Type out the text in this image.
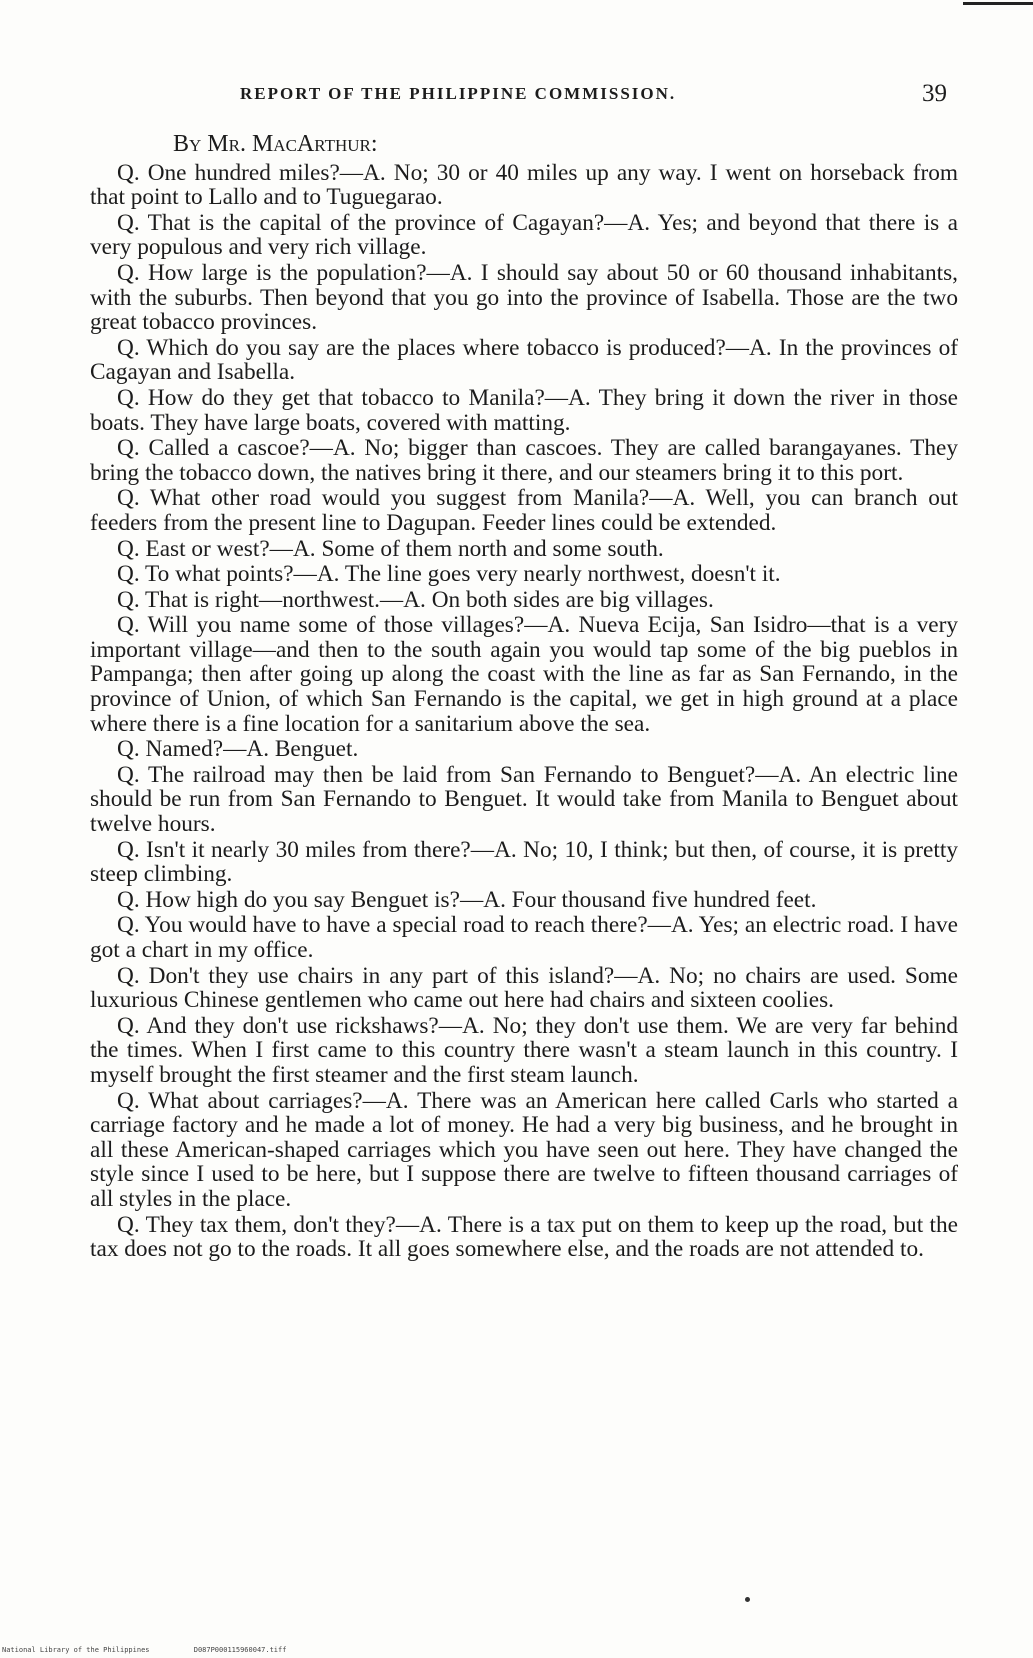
REPORT OF THE PHILIPPINE COMMISSION.	39

By Mr. MacArthur:

Q. One hundred miles?—A. No; 30 or 40 miles up any way. I went on horseback from that point to Lallo and to Tuguegarao.

Q. That is the capital of the province of Cagayan?—A. Yes; and beyond that there is a very populous and very rich village.

Q. How large is the population?—A. I should say about 50 or 60 thousand inhabitants, with the suburbs. Then beyond that you go into the province of Isabella. Those are the two great tobacco provinces.

Q. Which do you say are the places where tobacco is produced?—A. In the provinces of Cagayan and Isabella.

Q. How do they get that tobacco to Manila?—A. They bring it down the river in those boats. They have large boats, covered with matting.

Q. Called a cascoe?—A. No; bigger than cascoes. They are called barangayanes. They bring the tobacco down, the natives bring it there, and our steamers bring it to this port.

Q. What other road would you suggest from Manila?—A. Well, you can branch out feeders from the present line to Dagupan. Feeder lines could be extended.

Q. East or west?—A. Some of them north and some south.

Q. To what points?—A. The line goes very nearly northwest, doesn't it.

Q. That is right—northwest.—A. On both sides are big villages.

Q. Will you name some of those villages?—A. Nueva Ecija, San Isidro—that is a very important village—and then to the south again you would tap some of the big pueblos in Pampanga; then after going up along the coast with the line as far as San Fernando, in the province of Union, of which San Fernando is the capital, we get in high ground at a place where there is a fine location for a sanitarium above the sea.

Q. Named?—A. Benguet.

Q. The railroad may then be laid from San Fernando to Benguet?—A. An electric line should be run from San Fernando to Benguet. It would take from Manila to Benguet about twelve hours.

Q. Isn't it nearly 30 miles from there?—A. No; 10, I think; but then, of course, it is pretty steep climbing.

Q. How high do you say Benguet is?—A. Four thousand five hundred feet.

Q. You would have to have a special road to reach there?—A. Yes; an electric road. I have got a chart in my office.

Q. Don't they use chairs in any part of this island?—A. No; no chairs are used. Some luxurious Chinese gentlemen who came out here had chairs and sixteen coolies.

Q. And they don't use rickshaws?—A. No; they don't use them. We are very far behind the times. When I first came to this country there wasn't a steam launch in this country. I myself brought the first steamer and the first steam launch.

Q. What about carriages?—A. There was an American here called Carls who started a carriage factory and he made a lot of money. He had a very big business, and he brought in all these American-shaped carriages which you have seen out here. They have changed the style since I used to be here, but I suppose there are twelve to fifteen thousand carriages of all styles in the place.

Q. They tax them, don't they?—A. There is a tax put on them to keep up the road, but the tax does not go to the roads. It all goes somewhere else, and the roads are not attended to.

National Library of the Philippines	D087P000115960047.tiff
